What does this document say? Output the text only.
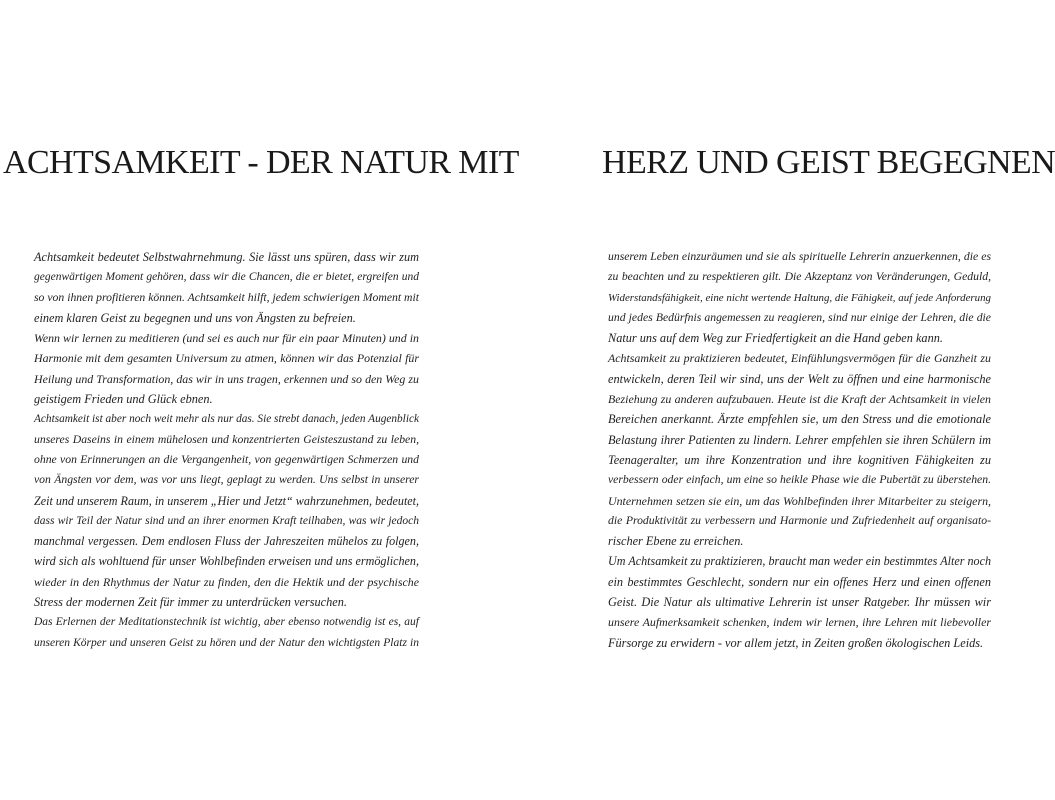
ACHTSAMKEIT - DER NATUR MIT
Achtsamkeit bedeutet Selbstwahrnehmung. Sie lässt uns spüren, dass wir zum
gegenwärtigen Moment gehören, dass wir die Chancen, die er bietet, ergreifen und
so von ihnen profitieren können. Achtsamkeit hilft, jedem schwierigen Moment mit
einem klaren Geist zu begegnen und uns von Ängsten zu befreien.
Wenn wir lernen zu meditieren (und sei es auch nur für ein paar Minuten) und in
Harmonie mit dem gesamten Universum zu atmen, können wir das Potenzial für
Heilung und Transformation, das wir in uns tragen, erkennen und so den Weg zu
geistigem Frieden und Glück ebnen.
Achtsamkeit ist aber noch weit mehr als nur das. Sie strebt danach, jeden Augenblick
unseres Daseins in einem mühelosen und konzentrierten Geisteszustand zu leben,
ohne von Erinnerungen an die Vergangenheit, von gegenwärtigen Schmerzen und
von Ängsten vor dem, was vor uns liegt, geplagt zu werden. Uns selbst in unserer
Zeit und unserem Raum, in unserem „Hier und Jetzt“ wahrzunehmen, bedeutet,
dass wir Teil der Natur sind und an ihrer enormen Kraft teilhaben, was wir jedoch
manchmal vergessen. Dem endlosen Fluss der Jahreszeiten mühelos zu folgen,
wird sich als wohltuend für unser Wohlbefinden erweisen und uns ermöglichen,
wieder in den Rhythmus der Natur zu finden, den die Hektik und der psychische
Stress der modernen Zeit für immer zu unterdrücken versuchen.
Das Erlernen der Meditationstechnik ist wichtig, aber ebenso notwendig ist es, auf
unseren Körper und unseren Geist zu hören und der Natur den wichtigsten Platz in
HERZ UND GEIST BEGEGNEN
unserem Leben einzuräumen und sie als spirituelle Lehrerin anzuerkennen, die es
zu beachten und zu respektieren gilt. Die Akzeptanz von Veränderungen, Geduld,
Widerstandsfähigkeit, eine nicht wertende Haltung, die Fähigkeit, auf jede Anforderung
und jedes Bedürfnis angemessen zu reagieren, sind nur einige der Lehren, die die
Natur uns auf dem Weg zur Friedfertigkeit an die Hand geben kann.
Achtsamkeit zu praktizieren bedeutet, Einfühlungsvermögen für die Ganzheit zu
entwickeln, deren Teil wir sind, uns der Welt zu öffnen und eine harmonische
Beziehung zu anderen aufzubauen. Heute ist die Kraft der Achtsamkeit in vielen
Bereichen anerkannt. Ärzte empfehlen sie, um den Stress und die emotionale
Belastung ihrer Patienten zu lindern. Lehrer empfehlen sie ihren Schülern im
Teenageralter, um ihre Konzentration und ihre kognitiven Fähigkeiten zu
verbessern oder einfach, um eine so heikle Phase wie die Pubertät zu überstehen.
Unternehmen setzen sie ein, um das Wohlbefinden ihrer Mitarbeiter zu steigern,
die Produktivität zu verbessern und Harmonie und Zufriedenheit auf organisato-
rischer Ebene zu erreichen.
Um Achtsamkeit zu praktizieren, braucht man weder ein bestimmtes Alter noch
ein bestimmtes Geschlecht, sondern nur ein offenes Herz und einen offenen
Geist. Die Natur als ultimative Lehrerin ist unser Ratgeber. Ihr müssen wir
unsere Aufmerksamkeit schenken, indem wir lernen, ihre Lehren mit liebevoller
Fürsorge zu erwidern - vor allem jetzt, in Zeiten großen ökologischen Leids.
